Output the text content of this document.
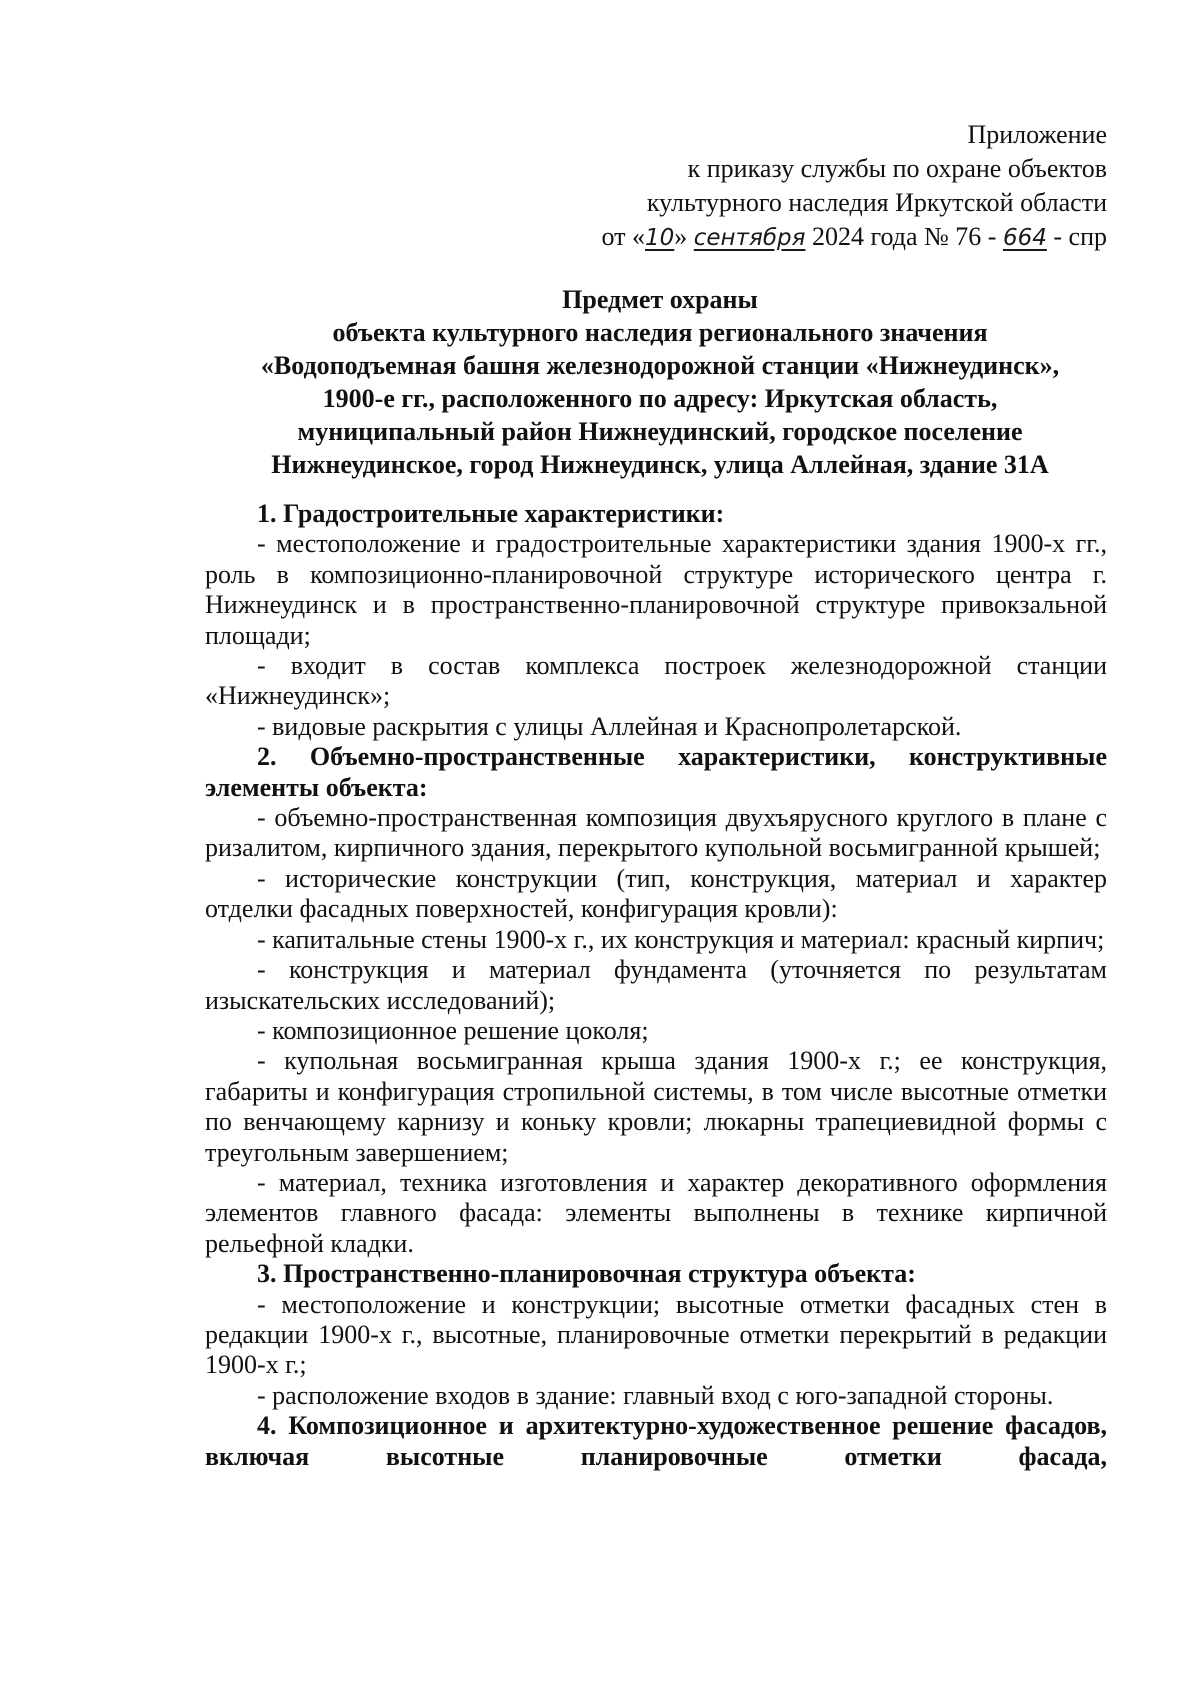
Приложение
к приказу службы по охране объектов
культурного наследия Иркутской области
от «10» сентября 2024 года № 76 - 664 - спр
Предмет охраны
объекта культурного наследия регионального значения
«Водоподъемная башня железнодорожной станции «Нижнеудинск»,
1900-е гг., расположенного по адресу: Иркутская область,
муниципальный район Нижнеудинский, городское поселение
Нижнеудинское, город Нижнеудинск, улица Аллейная, здание 31А

1. Градостроительные характеристики:

- местоположение и градостроительные характеристики здания 1900-х гг., роль в композиционно-планировочной структуре исторического центра г. Нижнеудинск и в пространственно-планировочной структуре привокзальной площади;

- входит в состав комплекса построек железнодорожной станции «Нижнеудинск»;

- видовые раскрытия с улицы Аллейная и Краснопролетарской.

2. Объемно-пространственные характеристики, конструктивные элементы объекта:

- объемно-пространственная композиция двухъярусного круглого в плане с ризалитом, кирпичного здания, перекрытого купольной восьмигранной крышей;

- исторические конструкции (тип, конструкция, материал и характер отделки фасадных поверхностей, конфигурация кровли):

- капитальные стены 1900-х г., их конструкция и материал: красный кирпич;

- конструкция и материал фундамента (уточняется по результатам изыскательских исследований);

- композиционное решение цоколя;

- купольная восьмигранная крыша здания 1900-х г.; ее конструкция, габариты и конфигурация стропильной системы, в том числе высотные отметки по венчающему карнизу и коньку кровли; люкарны трапециевидной формы с треугольным завершением;

- материал, техника изготовления и характер декоративного оформления элементов главного фасада: элементы выполнены в технике кирпичной рельефной кладки.

3. Пространственно-планировочная структура объекта:

- местоположение и конструкции; высотные отметки фасадных стен в редакции 1900-х г., высотные, планировочные отметки перекрытий в редакции 1900-х г.;

- расположение входов в здание: главный вход с юго-западной стороны.

4. Композиционное и архитектурно-художественное решение фасадов, включая высотные планировочные отметки фасада,
